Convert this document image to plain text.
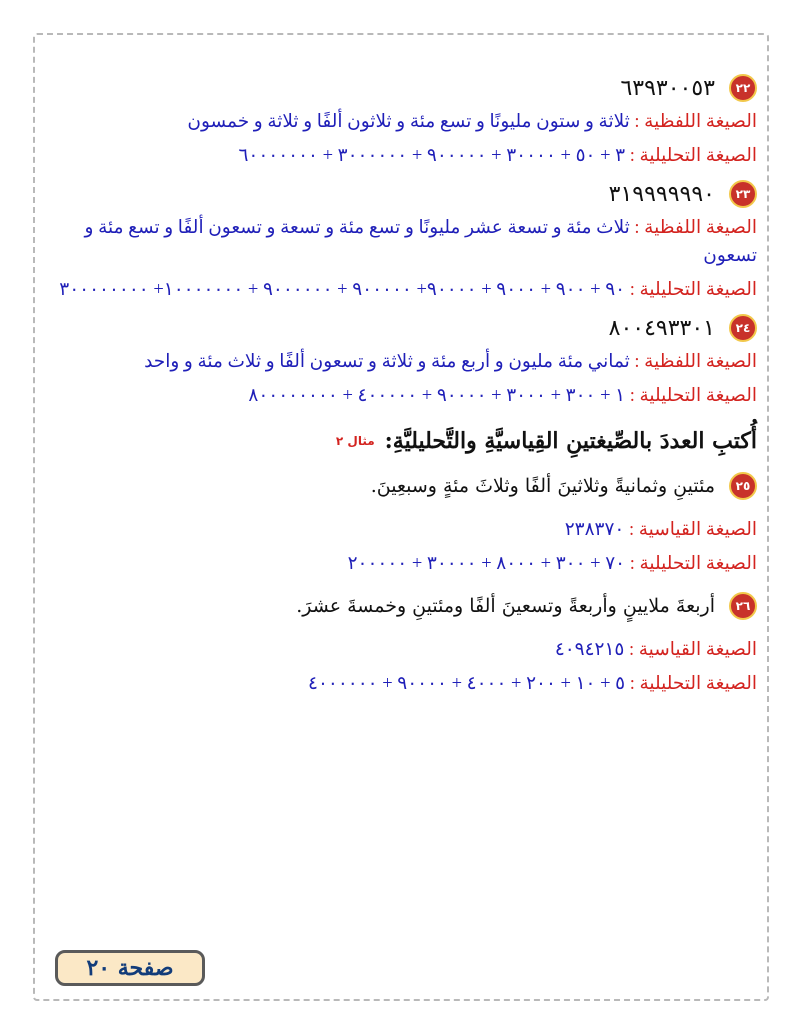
٢٢
٦٣٩٣٠٠٥٣
الصيغة اللفظية : ثلاثة و ستون مليونًا و تسع مئة و ثلاثون ألفًا و ثلاثة و خمسون
الصيغة التحليلية : ٣ + ٥٠ + ٣٠٠٠٠ + ٩٠٠٠٠٠ + ٣٠٠٠٠٠٠ + ٦٠٠٠٠٠٠٠
٢٣
٣١٩٩٩٩٩٩٠
الصيغة اللفظية : ثلاث مئة و تسعة عشر مليونًا و تسع مئة و تسعة و تسعون ألفًا و تسع مئة و تسعون
الصيغة التحليلية : ٩٠ + ٩٠٠ + ٩٠٠٠ + ٩٠٠٠٠+ ٩٠٠٠٠٠ + ٩٠٠٠٠٠٠ + ١٠٠٠٠٠٠٠+ ٣٠٠٠٠٠٠٠٠
٢٤
٨٠٠٤٩٣٣٠١
الصيغة اللفظية : ثماني مئة مليون و أربع مئة و ثلاثة و تسعون ألفًا و ثلاث مئة و واحد
الصيغة التحليلية : ١ + ٣٠٠ + ٣٠٠٠ + ٩٠٠٠٠ + ٤٠٠٠٠٠ + ٨٠٠٠٠٠٠٠٠
أُكتبِ العددَ بالصِّيغتينِ القِياسيَّةِ والتَّحليليَّةِ:
مثال ٢
٢٥
مئتينِ وثمانيةً وثلاثينَ ألفًا وثلاثَ مئةٍ وسبعِينَ.
الصيغة القياسية : ٢٣٨٣٧٠
الصيغة التحليلية : ٧٠ + ٣٠٠ + ٨٠٠٠ + ٣٠٠٠٠ + ٢٠٠٠٠٠
٢٦
أربعةَ ملايينٍ وأربعةً وتسعينَ ألفًا ومئتينِ وخمسةَ عشرَ.
الصيغة القياسية : ٤٠٩٤٢١٥
الصيغة التحليلية : ٥ + ١٠ + ٢٠٠ + ٤٠٠٠ + ٩٠٠٠٠ + ٤٠٠٠٠٠٠
صفحة ٢٠
